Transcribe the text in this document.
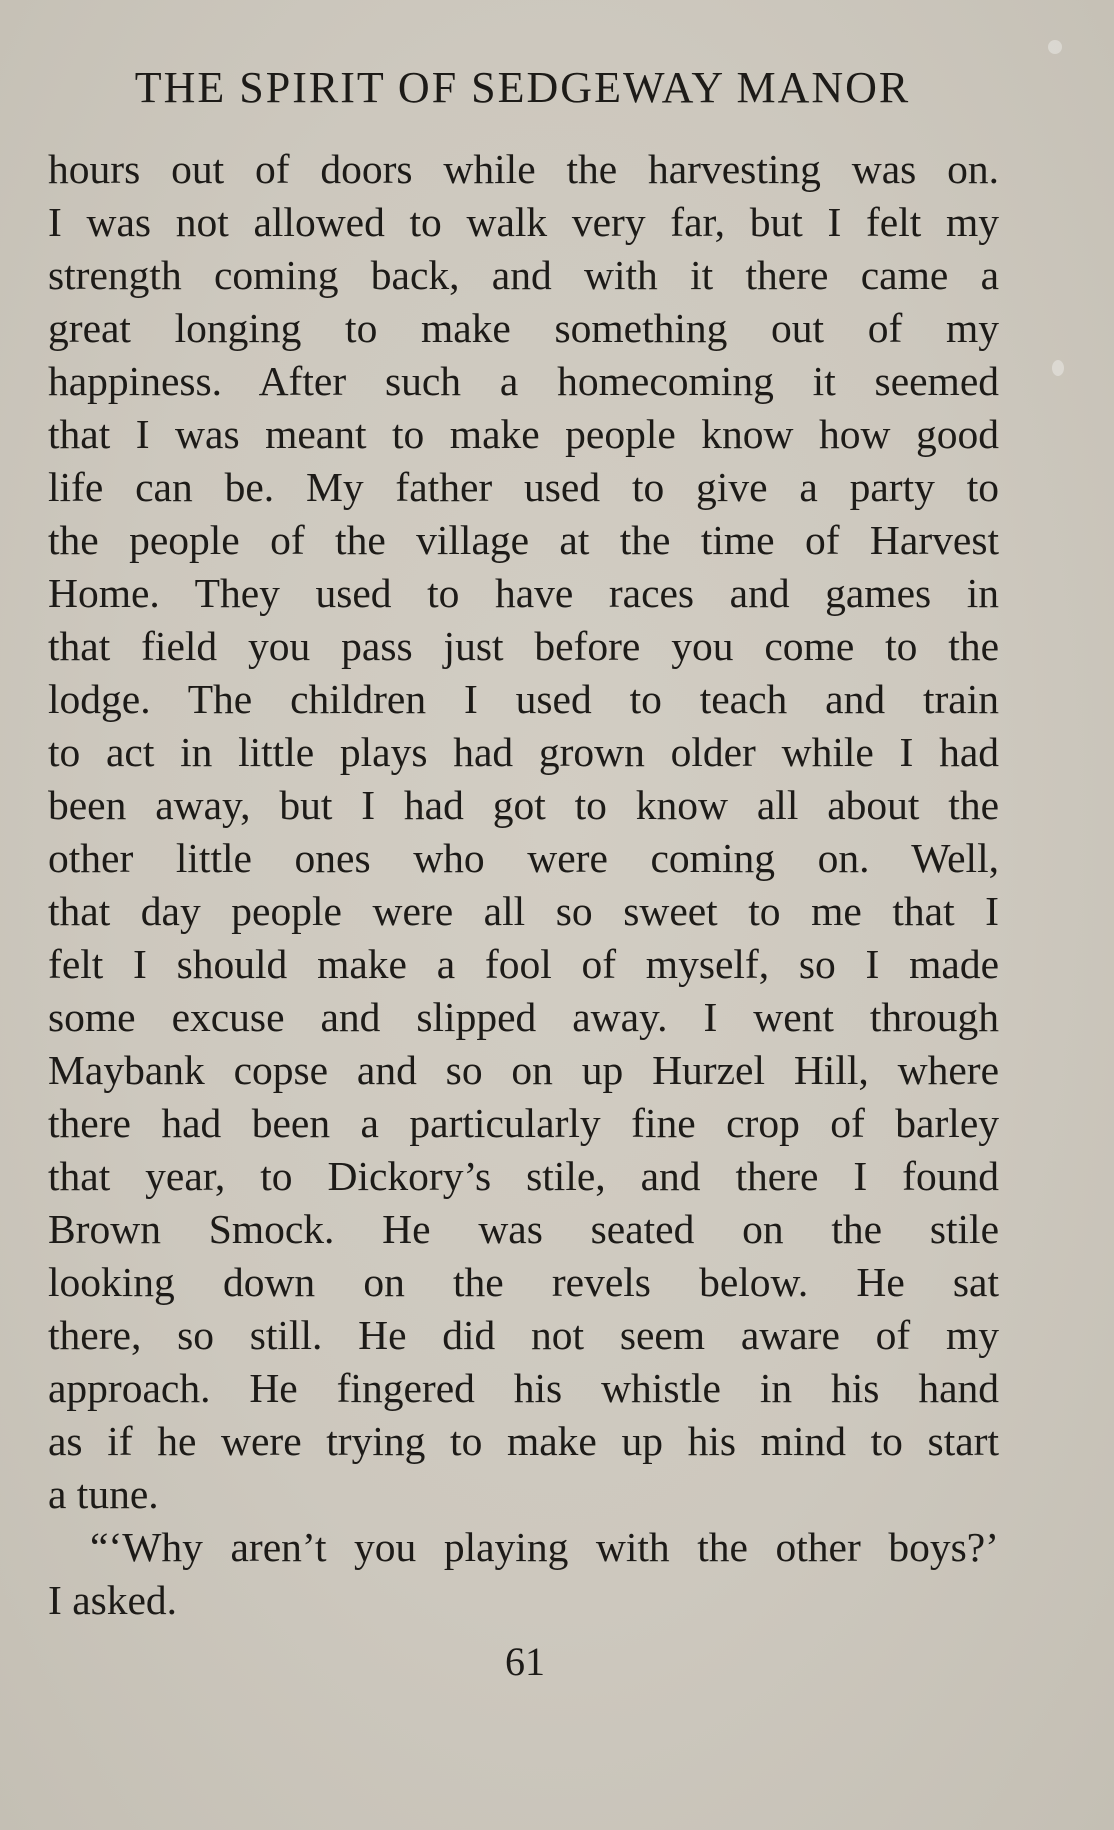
THE SPIRIT OF SEDGEWAY MANOR
hours out of doors while the harvesting was on.
I was not allowed to walk very far, but I felt my
strength coming back, and with it there came a
great longing to make something out of my
happiness. After such a homecoming it seemed
that I was meant to make people know how good
life can be. My father used to give a party to
the people of the village at the time of Harvest
Home. They used to have races and games in
that field you pass just before you come to the
lodge. The children I used to teach and train
to act in little plays had grown older while I had
been away, but I had got to know all about the
other little ones who were coming on. Well,
that day people were all so sweet to me that I
felt I should make a fool of myself, so I made
some excuse and slipped away. I went through
Maybank copse and so on up Hurzel Hill, where
there had been a particularly fine crop of barley
that year, to Dickory’s stile, and there I found
Brown Smock. He was seated on the stile
looking down on the revels below. He sat
there, so still. He did not seem aware of my
approach. He fingered his whistle in his hand
as if he were trying to make up his mind to start
a tune.
“‘Why aren’t you playing with the other boys?’
I asked.
61
